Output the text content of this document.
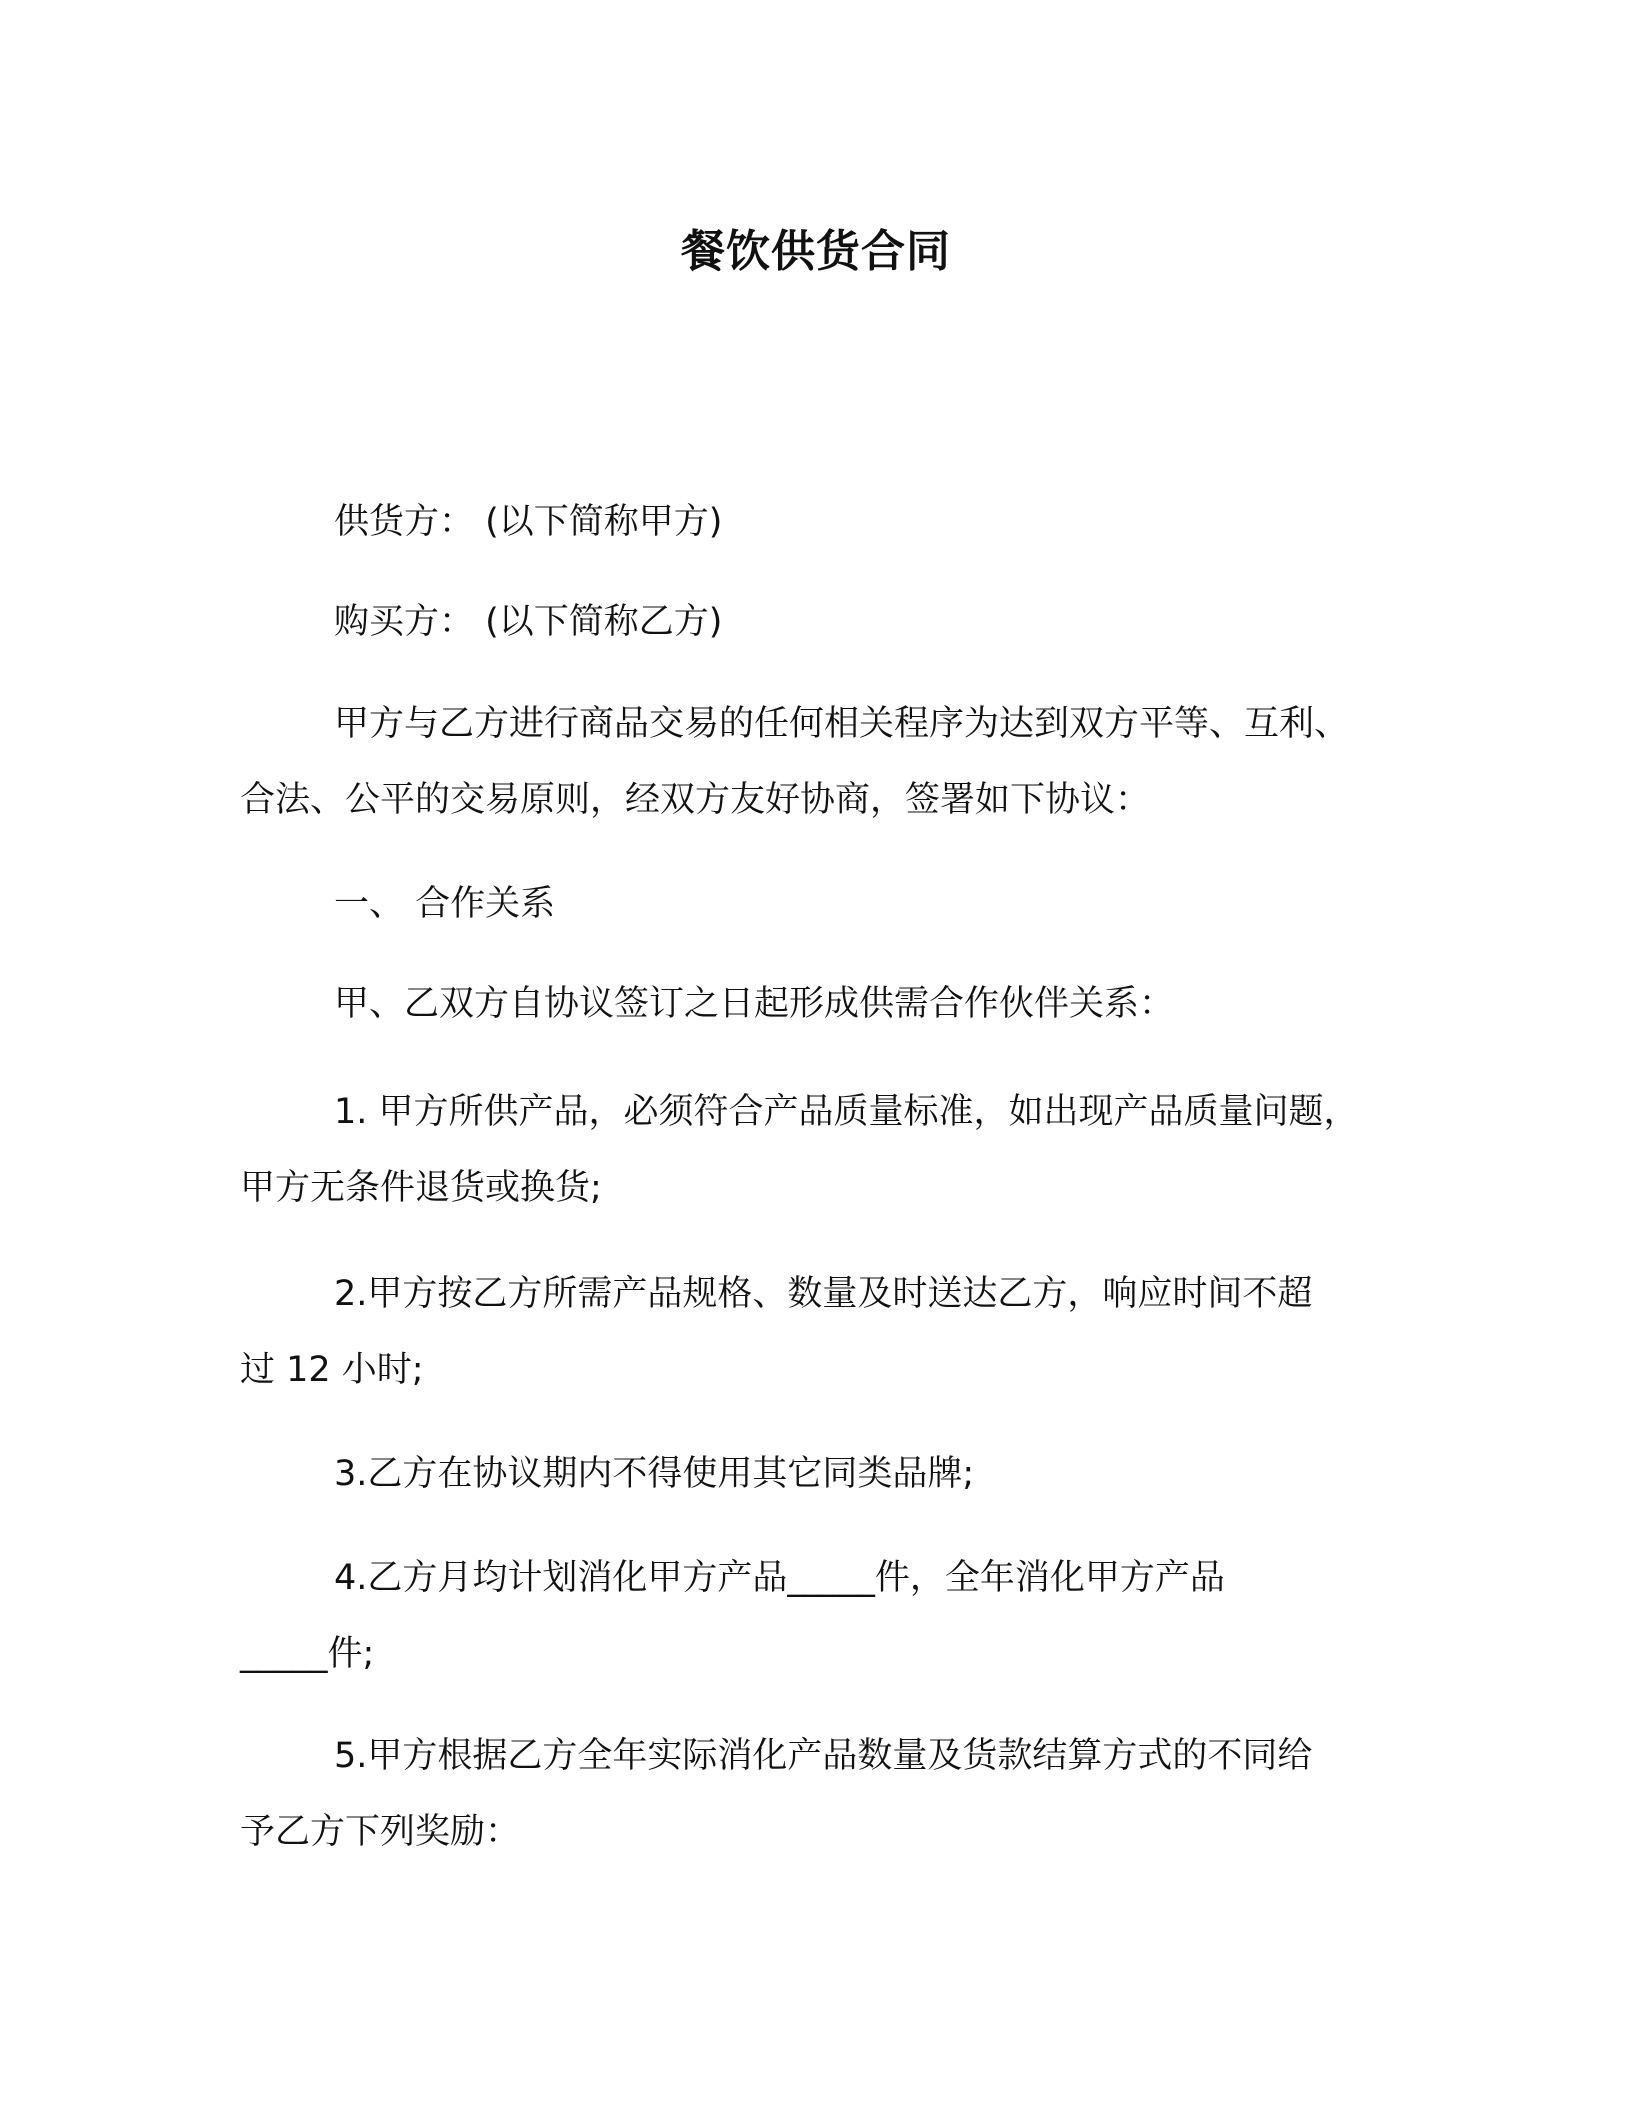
餐饮供货合同
供货方： (以下简称甲方)
购买方： (以下简称乙方)
甲方与乙方进行商品交易的任何相关程序为达到双方平等、互利、
合法、公平的交易原则，经双方友好协商，签署如下协议：
一、 合作关系
甲、乙双方自协议签订之日起形成供需合作伙伴关系：
1. 甲方所供产品，必须符合产品质量标准，如出现产品质量问题，
甲方无条件退货或换货;
2.甲方按乙方所需产品规格、数量及时送达乙方，响应时间不超
过 12 小时;
3.乙方在协议期内不得使用其它同类品牌;
4.乙方月均计划消化甲方产品_____件，全年消化甲方产品
_____件;
5.甲方根据乙方全年实际消化产品数量及货款结算方式的不同给
予乙方下列奖励：
